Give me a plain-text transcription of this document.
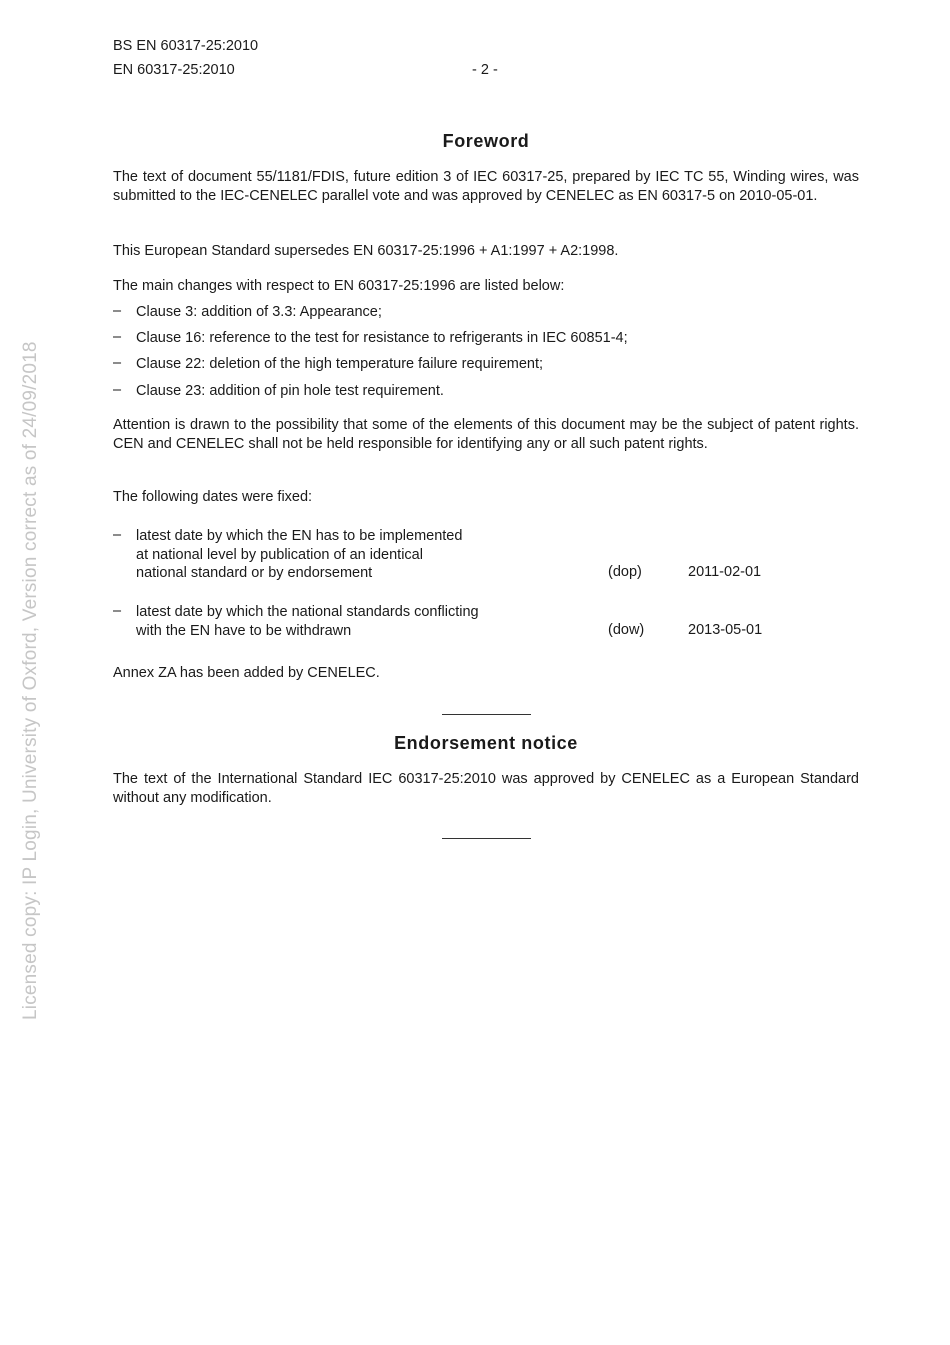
Licensed copy: IP Login, University of Oxford, Version correct as of 24/09/2018
BS EN 60317-25:2010
EN 60317-25:2010	- 2 -
Foreword
The text of document 55/1181/FDIS, future edition 3 of IEC 60317-25, prepared by IEC TC 55, Winding wires, was submitted to the IEC-CENELEC parallel vote and was approved by CENELEC as EN 60317-5 on 2010-05-01.
This European Standard supersedes EN 60317-25:1996 + A1:1997 + A2:1998.
The main changes with respect to EN 60317-25:1996 are listed below:
– Clause 3: addition of 3.3: Appearance;
– Clause 16: reference to the test for resistance to refrigerants in IEC 60851-4;
– Clause 22: deletion of the high temperature failure requirement;
– Clause 23: addition of pin hole test requirement.
Attention is drawn to the possibility that some of the elements of this document may be the subject of patent rights. CEN and CENELEC shall not be held responsible for identifying any or all such patent rights.
The following dates were fixed:
– latest date by which the EN has to be implemented
at national level by publication of an identical
national standard or by endorsement	(dop)	2011-02-01
– latest date by which the national standards conflicting
with the EN have to be withdrawn	(dow)	2013-05-01
Annex ZA has been added by CENELEC.
Endorsement notice
The text of the International Standard IEC 60317-25:2010 was approved by CENELEC as a European Standard without any modification.
